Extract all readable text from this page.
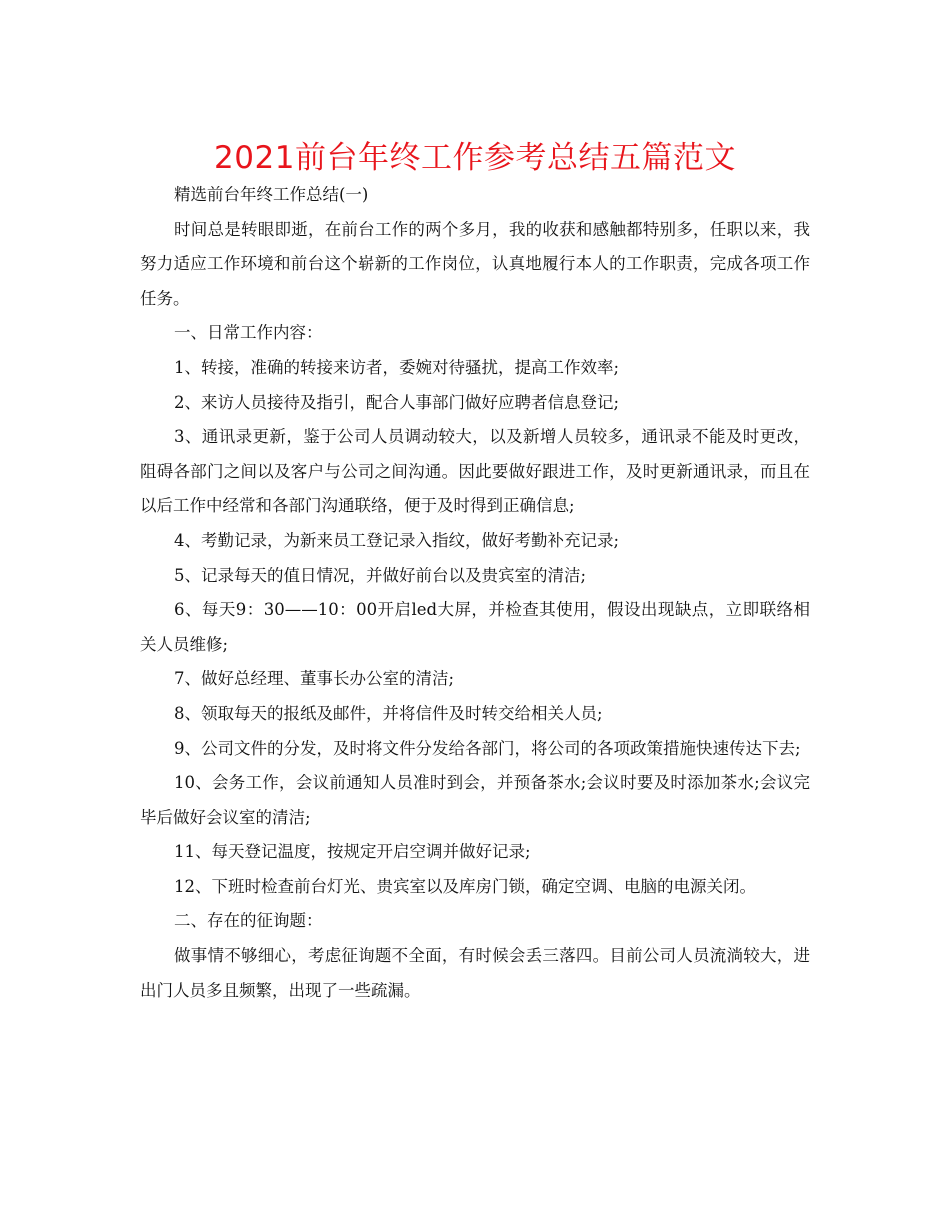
2021前台年终工作参考总结五篇范文

精选前台年终工作总结(一)

时间总是转眼即逝，在前台工作的两个多月，我的收获和感触都特别多，任职以来，我努力适应工作环境和前台这个崭新的工作岗位，认真地履行本人的工作职责，完成各项工作任务。

一、日常工作内容：

1、转接，准确的转接来访者，委婉对待骚扰，提高工作效率;

2、来访人员接待及指引，配合人事部门做好应聘者信息登记;

3、通讯录更新，鉴于公司人员调动较大，以及新增人员较多，通讯录不能及时更改，阻碍各部门之间以及客户与公司之间沟通。因此要做好跟进工作，及时更新通讯录，而且在以后工作中经常和各部门沟通联络，便于及时得到正确信息;

4、考勤记录，为新来员工登记录入指纹，做好考勤补充记录;

5、记录每天的值日情况，并做好前台以及贵宾室的清洁;

6、每天9：30——10：00开启led大屏，并检查其使用，假设出现缺点，立即联络相关人员维修;

7、做好总经理、董事长办公室的清洁;

8、领取每天的报纸及邮件，并将信件及时转交给相关人员;

9、公司文件的分发，及时将文件分发给各部门，将公司的各项政策措施快速传达下去;

10、会务工作，会议前通知人员准时到会，并预备茶水;会议时要及时添加茶水;会议完毕后做好会议室的清洁;

11、每天登记温度，按规定开启空调并做好记录;

12、下班时检查前台灯光、贵宾室以及库房门锁，确定空调、电脑的电源关闭。

二、存在的征询题：

做事情不够细心，考虑征询题不全面，有时候会丢三落四。目前公司人员流淌较大，进出门人员多且频繁，出现了一些疏漏。
